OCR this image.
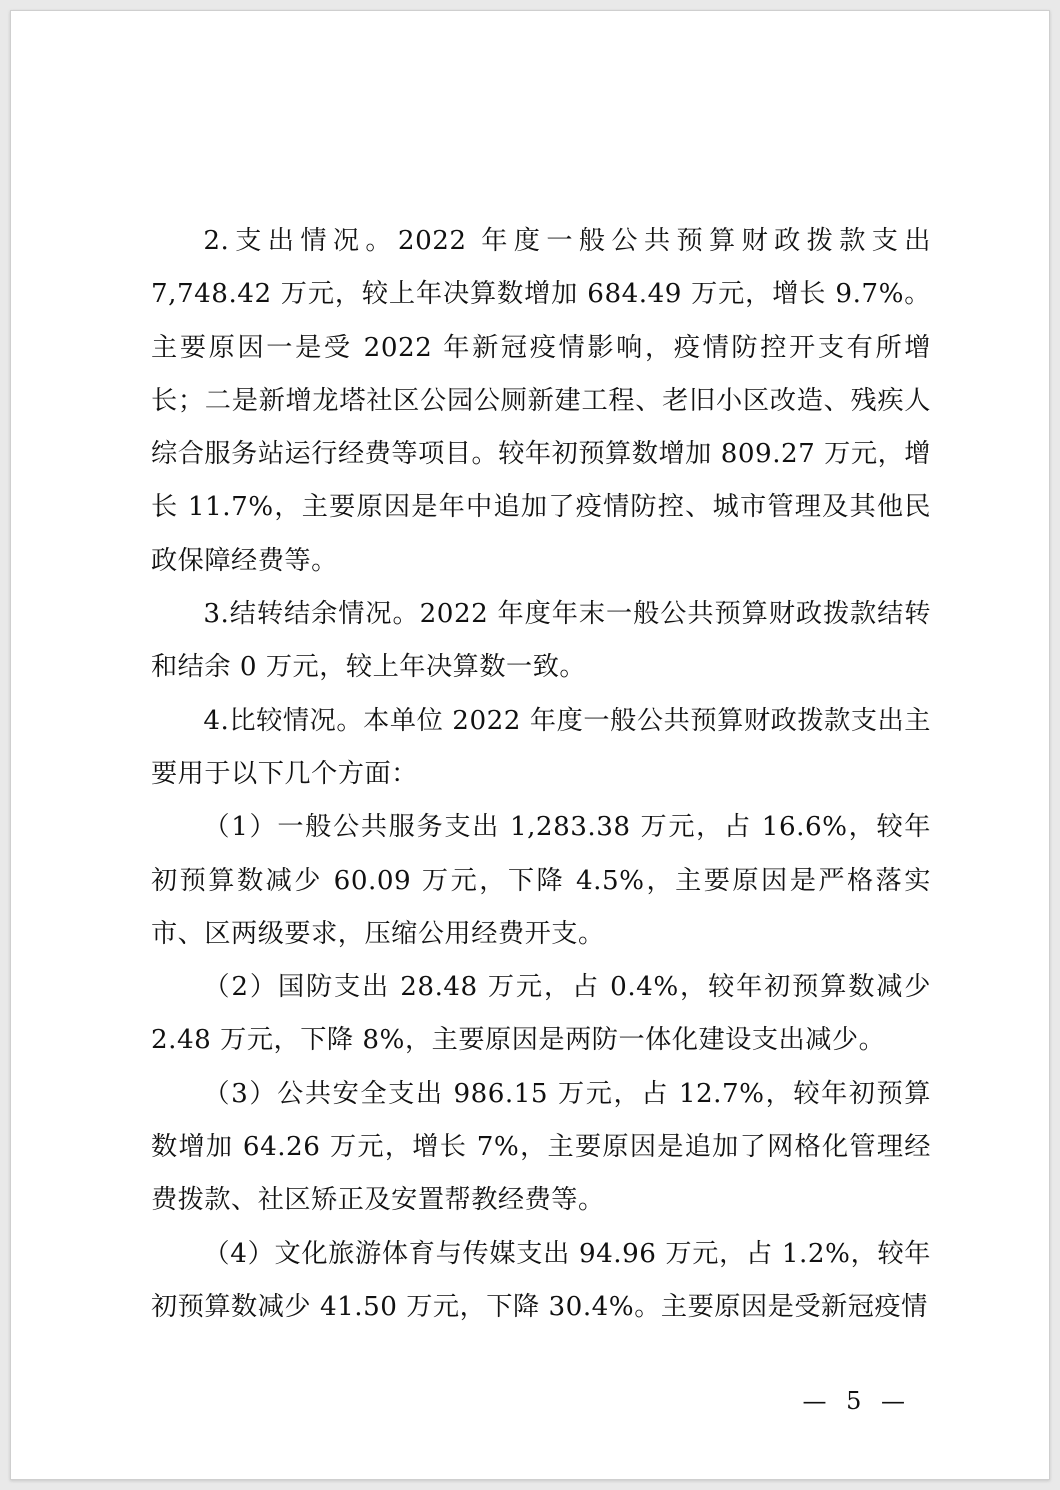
2.支出情况。2022 年度一般公共预算财政拨款支出 7,748.42 万元，较上年决算数增加 684.49 万元，增长 9.7%。主要原因一是受 2022 年新冠疫情影响，疫情防控开支有所增长；二是新增龙塔社区公园公厕新建工程、老旧小区改造、残疾人综合服务站运行经费等项目。较年初预算数增加 809.27 万元，增长 11.7%，主要原因是年中追加了疫情防控、城市管理及其他民政保障经费等。

3.结转结余情况。2022 年度年末一般公共预算财政拨款结转和结余 0 万元，较上年决算数一致。

4.比较情况。本单位 2022 年度一般公共预算财政拨款支出主要用于以下几个方面：

（1）一般公共服务支出 1,283.38 万元，占 16.6%，较年初预算数减少 60.09 万元，下降 4.5%，主要原因是严格落实市、区两级要求，压缩公用经费开支。

（2）国防支出 28.48 万元，占 0.4%，较年初预算数减少 2.48 万元，下降 8%，主要原因是两防一体化建设支出减少。

（3）公共安全支出 986.15 万元，占 12.7%，较年初预算数增加 64.26 万元，增长 7%，主要原因是追加了网格化管理经费拨款、社区矫正及安置帮教经费等。

（4）文化旅游体育与传媒支出 94.96 万元，占 1.2%，较年初预算数减少 41.50 万元，下降 30.4%。主要原因是受新冠疫情

— 5 —
